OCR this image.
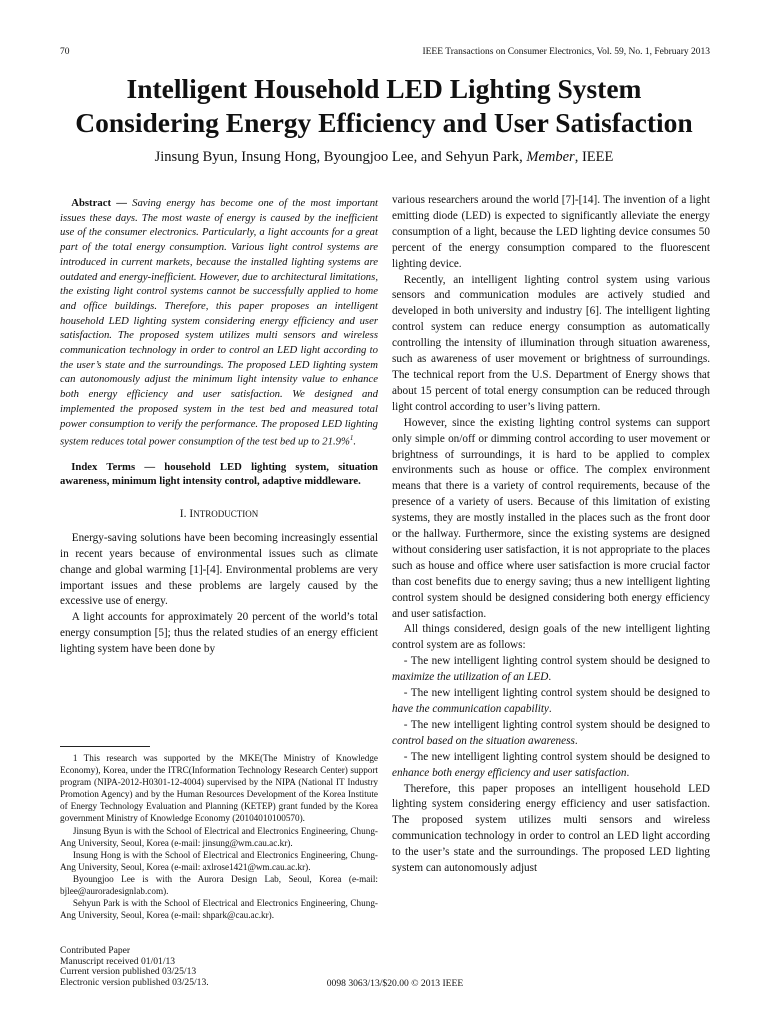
70	IEEE Transactions on Consumer Electronics, Vol. 59, No. 1, February 2013
Intelligent Household LED Lighting System
Considering Energy Efficiency and User Satisfaction
Jinsung Byun, Insung Hong, Byoungjoo Lee, and Sehyun Park, Member, IEEE

Abstract — Saving energy has become one of the most important issues these days. The most waste of energy is caused by the inefficient use of the consumer electronics. Particularly, a light accounts for a great part of the total energy consumption. Various light control systems are introduced in current markets, because the installed lighting systems are outdated and energy-inefficient. However, due to architectural limitations, the existing light control systems cannot be successfully applied to home and office buildings. Therefore, this paper proposes an intelligent household LED lighting system considering energy efficiency and user satisfaction. The proposed system utilizes multi sensors and wireless communication technology in order to control an LED light according to the user’s state and the surroundings. The proposed LED lighting system can autonomously adjust the minimum light intensity value to enhance both energy efficiency and user satisfaction. We designed and implemented the proposed system in the test bed and measured total power consumption to verify the performance. The proposed LED lighting system reduces total power consumption of the test bed up to 21.9%$^1$.

Index Terms — household LED lighting system, situation awareness, minimum light intensity control, adaptive middleware.

I. INTRODUCTION

Energy-saving solutions have been becoming increasingly essential in recent years because of environmental issues such as climate change and global warming [1]-[4]. Environmental problems are very important issues and these problems are largely caused by the excessive use of energy.

A light accounts for approximately 20 percent of the world’s total energy consumption [5]; thus the related studies of an energy efficient lighting system have been done by

1 This research was supported by the MKE(The Ministry of Knowledge Economy), Korea, under the ITRC(Information Technology Research Center) support program (NIPA-2012-H0301-12-4004) supervised by the NIPA (National IT Industry Promotion Agency) and by the Human Resources Development of the Korea Institute of Energy Technology Evaluation and Planning (KETEP) grant funded by the Korea government Ministry of Knowledge Economy (20104010100570).

Jinsung Byun is with the School of Electrical and Electronics Engineering, Chung-Ang University, Seoul, Korea (e-mail: jinsung@wm.cau.ac.kr).

Insung Hong is with the School of Electrical and Electronics Engineering, Chung-Ang University, Seoul, Korea (e-mail: axlrose1421@wm.cau.ac.kr).

Byoungjoo Lee is with the Aurora Design Lab, Seoul, Korea (e-mail: bjlee@auroradesignlab.com).

Sehyun Park is with the School of Electrical and Electronics Engineering, Chung-Ang University, Seoul, Korea (e-mail: shpark@cau.ac.kr).

various researchers around the world [7]-[14]. The invention of a light emitting diode (LED) is expected to significantly alleviate the energy consumption of a light, because the LED lighting device consumes 50 percent of the energy consumption compared to the fluorescent lighting device.

Recently, an intelligent lighting control system using various sensors and communication modules are actively studied and developed in both university and industry [6]. The intelligent lighting control system can reduce energy consumption as automatically controlling the intensity of illumination through situation awareness, such as awareness of user movement or brightness of surroundings. The technical report from the U.S. Department of Energy shows that about 15 percent of total energy consumption can be reduced through light control according to user’s living pattern.

However, since the existing lighting control systems can support only simple on/off or dimming control according to user movement or brightness of surroundings, it is hard to be applied to complex environments such as house or office. The complex environment means that there is a variety of control requirements, because of the presence of a variety of users. Because of this limitation of existing systems, they are mostly installed in the places such as the front door or the hallway. Furthermore, since the existing systems are designed without considering user satisfaction, it is not appropriate to the places such as house and office where user satisfaction is more crucial factor than cost benefits due to energy saving; thus a new intelligent lighting control system should be designed considering both energy efficiency and user satisfaction.

All things considered, design goals of the new intelligent lighting control system are as follows:

- The new intelligent lighting control system should be designed to maximize the utilization of an LED.

- The new intelligent lighting control system should be designed to have the communication capability.

- The new intelligent lighting control system should be designed to control based on the situation awareness.

- The new intelligent lighting control system should be designed to enhance both energy efficiency and user satisfaction.

Therefore, this paper proposes an intelligent household LED lighting system considering energy efficiency and user satisfaction. The proposed system utilizes multi sensors and wireless communication technology in order to control an LED light according to the user’s state and the surroundings. The proposed LED lighting system can autonomously adjust

Contributed Paper
Manuscript received 01/01/13
Current version published 03/25/13
Electronic version published 03/25/13.	0098 3063/13/$20.00 © 2013 IEEE
